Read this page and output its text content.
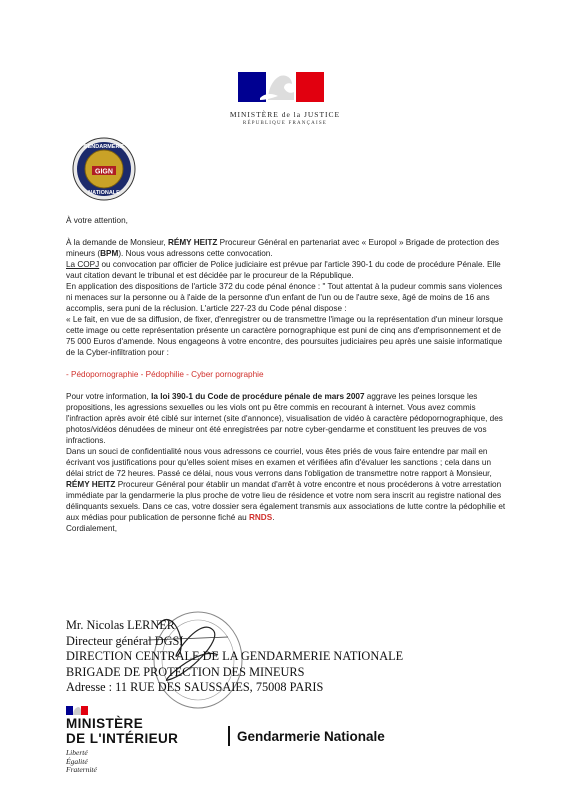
MINISTÈRE de la JUSTICE
RÉPUBLIQUE FRANÇAISE
GIGN
GENDARMERIE
NATIONALE

À votre attention,

À la demande de Monsieur, RÉMY HEITZ Procureur Général en partenariat avec « Europol » Brigade de protection des mineurs (BPM). Nous vous adressons cette convocation.

La COPJ ou convocation par officier de Police judiciaire est prévue par l'article 390-1 du code de procédure Pénale. Elle vaut citation devant le tribunal et est décidée par le procureur de la République.

En application des dispositions de l'article 372 du code pénal énonce : " Tout attentat à la pudeur commis sans violences ni menaces sur la personne ou à l'aide de la personne d'un enfant de l'un ou de l'autre sexe, âgé de moins de 16 ans accomplis, sera puni de la réclusion. L'article 227-23 du Code pénal dispose :

« Le fait, en vue de sa diffusion, de fixer, d'enregistrer ou de transmettre l'image ou la représentation d'un mineur lorsque cette image ou cette représentation présente un caractère pornographique est puni de cinq ans d'emprisonnement et de 75 000 Euros d'amende. Nous engageons à votre encontre, des poursuites judiciaires peu après une saisie informatique de la Cyber-infiltration pour :

- Pédopornographie - Pédophilie - Cyber pornographie

Pour votre information, la loi 390-1 du Code de procédure pénale de mars 2007 aggrave les peines lorsque les propositions, les agressions sexuelles ou les viols ont pu être commis en recourant à internet. Vous avez commis l'infraction après avoir été ciblé sur internet (site d'annonce), visualisation de vidéo à caractère pédopornographique, des photos/vidéos dénudées de mineur ont été enregistrées par notre cyber-gendarme et constituent les preuves de vos infractions.

Dans un souci de confidentialité nous vous adressons ce courriel, vous êtes priés de vous faire entendre par mail en écrivant vos justifications pour qu'elles soient mises en examen et vérifiées afin d'évaluer les sanctions ; cela dans un délai strict de 72 heures. Passé ce délai, nous vous verrons dans l'obligation de transmettre notre rapport à Monsieur, RÉMY HEITZ Procureur Général pour établir un mandat d'arrêt à votre encontre et nous procéderons à votre arrestation immédiate par la gendarmerie la plus proche de votre lieu de résidence et votre nom sera inscrit au registre national des délinquants sexuels. Dans ce cas, votre dossier sera également transmis aux associations de lutte contre la pédophilie et aux médias pour publication de personne fiché au RNDS.

Cordialement,

Mr. Nicolas LERNER
Directeur général DGSI
DIRECTION CENTRALE DE LA GENDARMERIE NATIONALE
BRIGADE DE PROTECTION DES MINEURS
Adresse : 11 RUE DES SAUSSAIES, 75008 PARIS
MINISTÈRE
DE L'INTÉRIEUR
Liberté
Égalité
Fraternité
Gendarmerie Nationale
